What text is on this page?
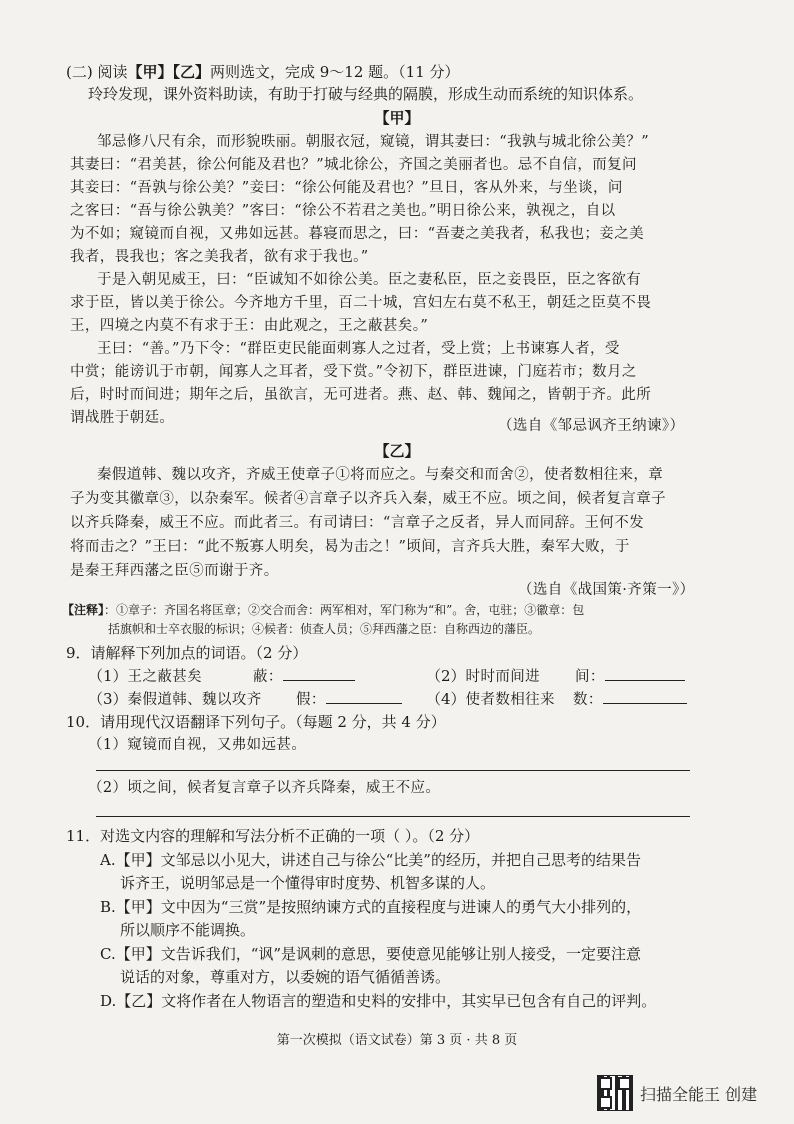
(二) 阅读【甲】【乙】两则选文，完成 9～12 题。（11 分）
玲玲发现，课外资料助读，有助于打破与经典的隔膜，形成生动而系统的知识体系。
【甲】
邹忌修八尺有余，而形貌昳丽。朝服衣冠，窥镜，谓其妻曰：“我孰与城北徐公美？”
其妻曰：“君美甚，徐公何能及君也？”城北徐公，齐国之美丽者也。忌不自信，而复问
其妾曰：“吾孰与徐公美？”妾曰：“徐公何能及君也？”旦日，客从外来，与坐谈，问
之客曰：“吾与徐公孰美？”客曰：“徐公不若君之美也。”明日徐公来，孰视之，自以
为不如；窥镜而自视，又弗如远甚。暮寝而思之，曰：“吾妻之美我者，私我也；妾之美
我者，畏我也；客之美我者，欲有求于我也。”
于是入朝见威王，曰：“臣诚知不如徐公美。臣之妻私臣，臣之妾畏臣，臣之客欲有
求于臣，皆以美于徐公。今齐地方千里，百二十城，宫妇左右莫不私王，朝廷之臣莫不畏
王，四境之内莫不有求于王：由此观之，王之蔽甚矣。”
王曰：“善。”乃下令：“群臣吏民能面刺寡人之过者，受上赏；上书谏寡人者，受
中赏；能谤讥于市朝，闻寡人之耳者，受下赏。”令初下，群臣进谏，门庭若市；数月之
后，时时而间进；期年之后，虽欲言，无可进者。燕、赵、韩、魏闻之，皆朝于齐。此所
谓战胜于朝廷。	（选自《邹忌讽齐王纳谏》）
【乙】
秦假道韩、魏以攻齐，齐威王使章子①将而应之。与秦交和而舍②，使者数相往来，章
子为变其徽章③，以杂秦军。候者④言章子以齐兵入秦，威王不应。顷之间，候者复言章子
以齐兵降秦，威王不应。而此者三。有司请曰：“言章子之反者，异人而同辞。王何不发
将而击之？”王曰：“此不叛寡人明矣，曷为击之！”顷间，言齐兵大胜，秦军大败，于
是秦王拜西藩之臣⑤而谢于齐。
（选自《战国策·齐策一》）
【注释】：①章子：齐国名将匡章；②交合而舍：两军相对，军门称为“和”。舍，屯驻；③徽章：包
括旗帜和士卒衣服的标识；④候者：侦查人员；⑤拜西藩之臣：自称西边的藩臣。
9．请解释下列加点的词语。（2 分）
（1）王之蔽甚矣	蔽：	（2）时时而间进 间：
（3）秦假道韩、魏以攻齐 假：	（4）使者数相往来 数：
10．请用现代汉语翻译下列句子。（每题 2 分，共 4 分）
（1）窥镜而自视，又弗如远甚。
（2）顷之间，候者复言章子以齐兵降秦，威王不应。
11．对选文内容的理解和写法分析不正确的一项（ ）。（2 分）
A.【甲】文邹忌以小见大，讲述自己与徐公“比美”的经历，并把自己思考的结果告
诉齐王，说明邹忌是一个懂得审时度势、机智多谋的人。
B.【甲】文中因为“三赏”是按照纳谏方式的直接程度与进谏人的勇气大小排列的，
所以顺序不能调换。
C.【甲】文告诉我们，“讽”是讽刺的意思，要使意见能够让别人接受，一定要注意
说话的对象，尊重对方，以委婉的语气循循善诱。
D.【乙】文将作者在人物语言的塑造和史料的安排中，其实早已包含有自己的评判。
第一次模拟（语文试卷）第 3 页 · 共 8 页
扫描全能王 创建
